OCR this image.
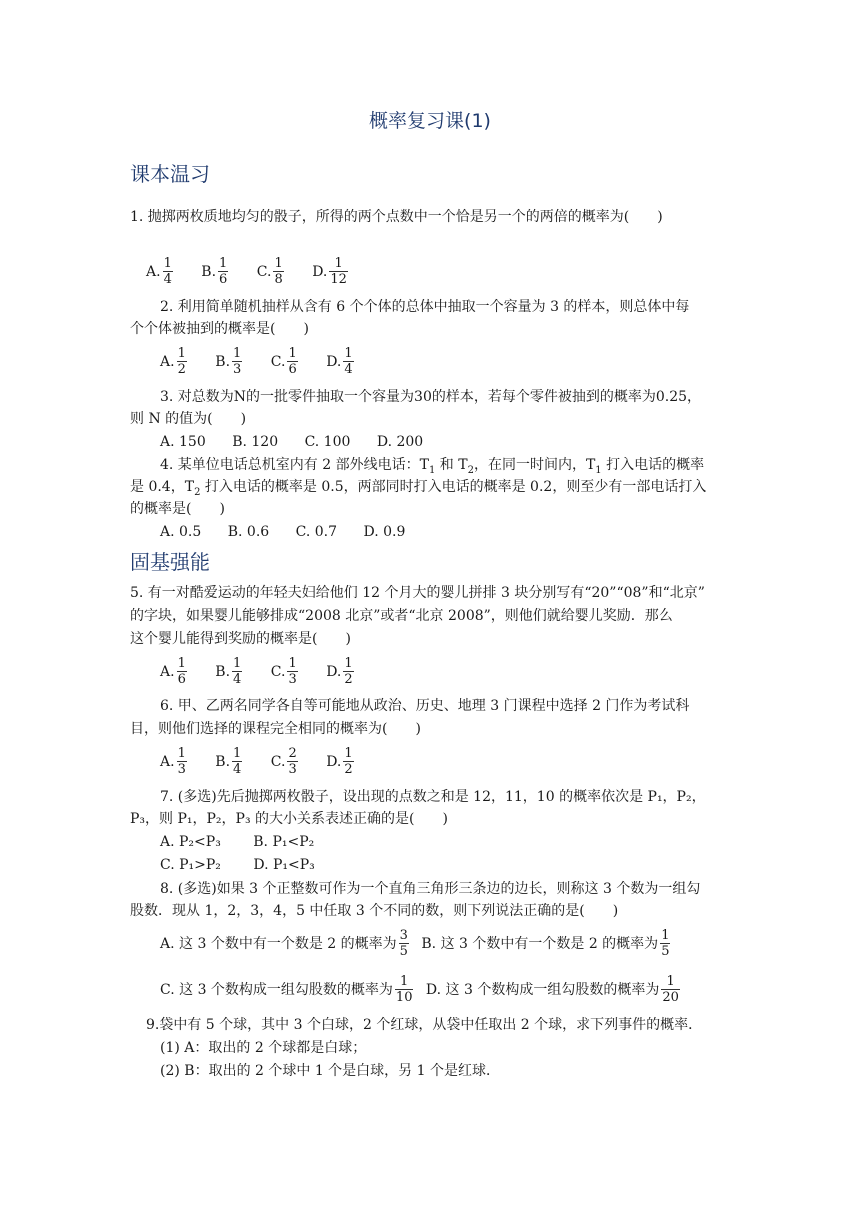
概率复习课(1)
课本温习
1. 抛掷两枚质地均匀的骰子，所得的两个点数中一个恰是另一个的两倍的概率为(　　)
A. $\frac{1}{4} B$. $\frac{1}{6} C$. $\frac{1}{8} D$. $\frac{1}{12}$
2. 利用简单随机抽样从含有 6 个个体的总体中抽取一个容量为 3 的样本，则总体中每
个个体被抽到的概率是(　　)
A. $\frac{1}{2} B$. $\frac{1}{3} C$. $\frac{1}{6} D$. $\frac{1}{4}$
3. 对总数为N的一批零件抽取一个容量为30的样本，若每个零件被抽到的概率为0.25，
则 N 的值为(　　)
A. 150 B. 120 C. 100 D. 200
4. 某单位电话总机室内有 2 部外线电话：$T_1$ 和 $T_2$，在同一时间内，$T_1$ 打入电话的概率
是 0.4，$T_2$ 打入电话的概率是 0.5，两部同时打入电话的概率是 0.2，则至少有一部电话打入
的概率是(　　)
A. 0.5 B. 0.6 C. 0.7 D. 0.9
固基强能
5. 有一对酷爱运动的年轻夫妇给他们 12 个月大的婴儿拼排 3 块分别写有“20”“08”和“北京”
的字块，如果婴儿能够排成“2008 北京”或者“北京 2008”，则他们就给婴儿奖励．那么
这个婴儿能得到奖励的概率是(　　)
A. $\frac{1}{6} B$. $\frac{1}{4} C$. $\frac{1}{3} D$. $\frac{1}{2}$
6. 甲、乙两名同学各自等可能地从政治、历史、地理 3 门课程中选择 2 门作为考试科
目，则他们选择的课程完全相同的概率为(　　)
A. $\frac{1}{3} B$. $\frac{1}{4} C$. $\frac{2}{3} D$. $\frac{1}{2}$
7. (多选)先后抛掷两枚骰子，设出现的点数之和是 12，11，10 的概率依次是 P₁，P₂，
P₃，则 P₁，P₂，P₃ 的大小关系表述正确的是(　　)
A. P₂<P₃ B. P₁<P₂
C. P₁>P₂ D. P₁<P₃
8. (多选)如果 3 个正整数可作为一个直角三角形三条边的边长，则称这 3 个数为一组勾
股数．现从 1，2，3，4，5 中任取 3 个不同的数，则下列说法正确的是(　　)
A. 这 3 个数中有一个数是 2 的概率为 $\frac{3}{5} B$. 这 3 个数中有一个数是 2 的概率为 $\frac{1}{5}$
C. 这 3 个数构成一组勾股数的概率为 $\frac{1}{10} D$. 这 3 个数构成一组勾股数的概率为 $\frac{1}{20}$
9.袋中有 5 个球，其中 3 个白球，2 个红球，从袋中任取出 2 个球，求下列事件的概率．
(1) A：取出的 2 个球都是白球；
(2) B：取出的 2 个球中 1 个是白球，另 1 个是红球．
